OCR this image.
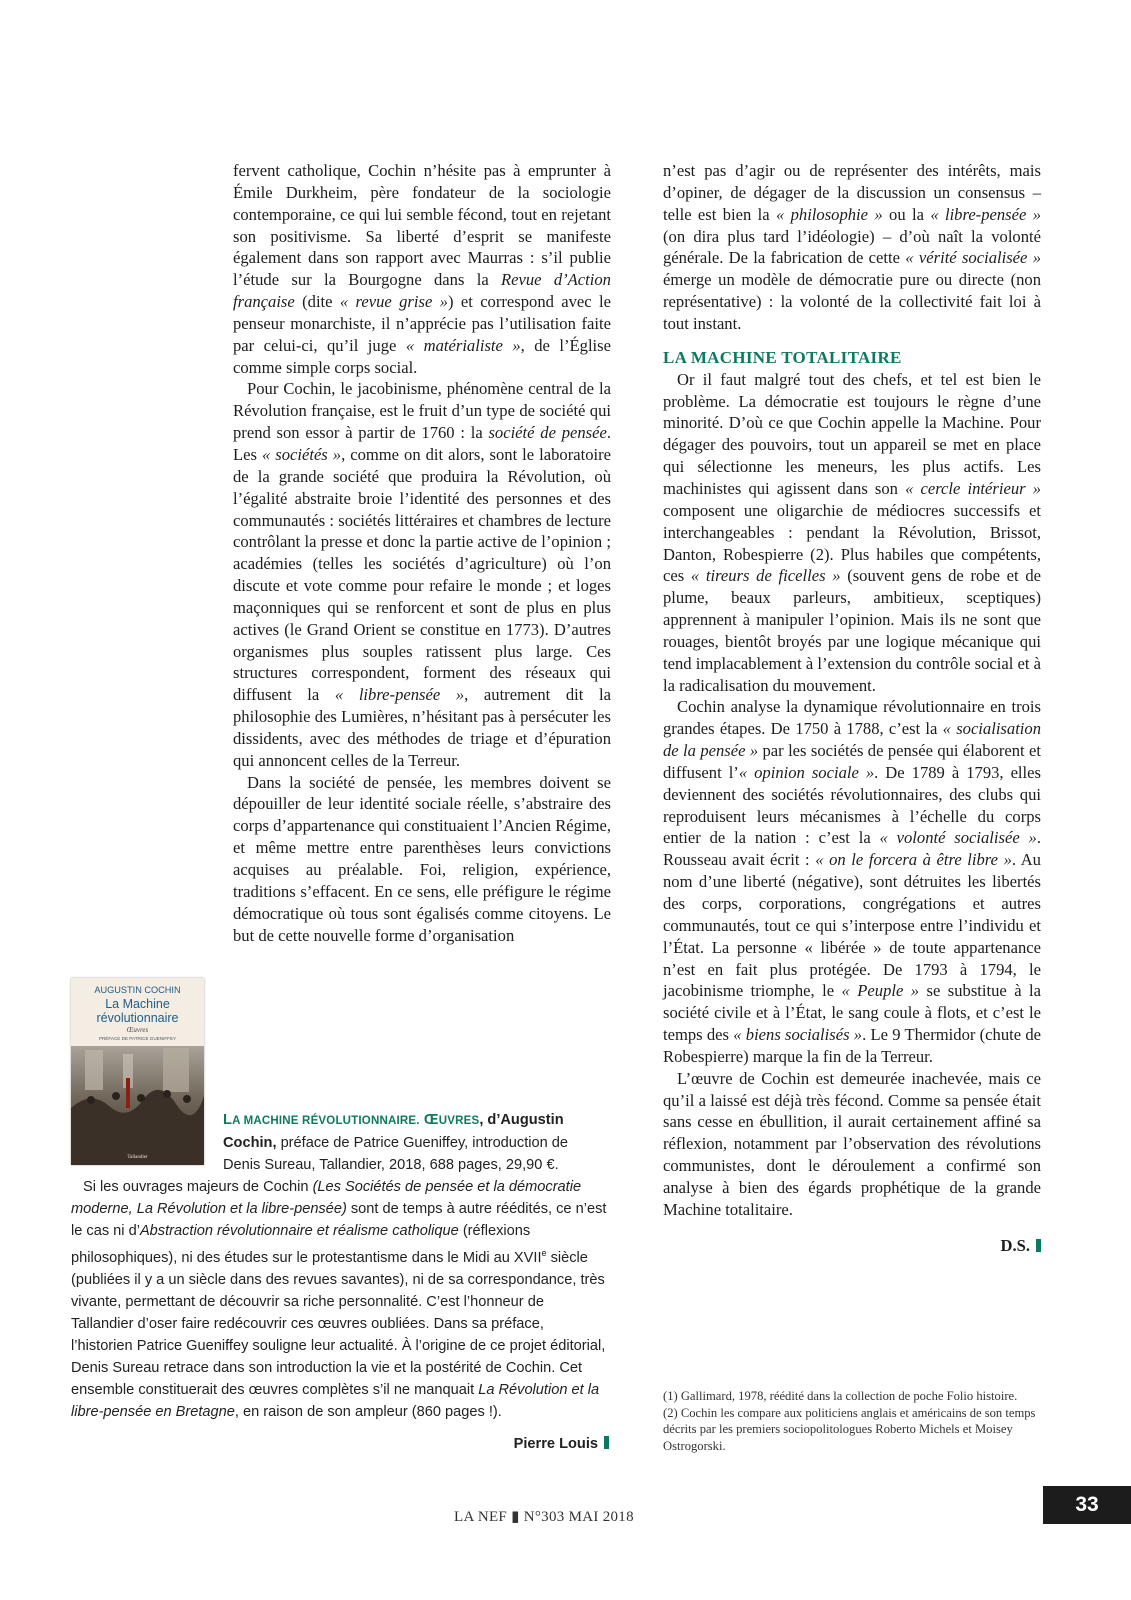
fervent catholique, Cochin n’hésite pas à emprunter à Émile Durkheim, père fondateur de la sociologie contemporaine, ce qui lui semble fécond, tout en rejetant son positivisme. Sa liberté d’esprit se manifeste également dans son rapport avec Maurras : s’il publie l’étude sur la Bourgogne dans la Revue d’Action française (dite « revue grise ») et correspond avec le penseur monarchiste, il n’apprécie pas l’utilisation faite par celui-ci, qu’il juge « matérialiste », de l’Église comme simple corps social.

Pour Cochin, le jacobinisme, phénomène central de la Révolution française, est le fruit d’un type de société qui prend son essor à partir de 1760 : la société de pensée. Les « sociétés », comme on dit alors, sont le laboratoire de la grande société que produira la Révolution, où l’égalité abstraite broie l’identité des personnes et des communautés : sociétés littéraires et chambres de lecture contrôlant la presse et donc la partie active de l’opinion ; académies (telles les sociétés d’agriculture) où l’on discute et vote comme pour refaire le monde ; et loges maçonniques qui se renforcent et sont de plus en plus actives (le Grand Orient se constitue en 1773). D’autres organismes plus souples ratissent plus large. Ces structures correspondent, forment des réseaux qui diffusent la « libre-pensée », autrement dit la philosophie des Lumières, n’hésitant pas à persécuter les dissidents, avec des méthodes de triage et d’épuration qui annoncent celles de la Terreur.

Dans la société de pensée, les membres doivent se dépouiller de leur identité sociale réelle, s’abstraire des corps d’appartenance qui constituaient l’Ancien Régime, et même mettre entre parenthèses leurs convictions acquises au préalable. Foi, religion, expérience, traditions s’effacent. En ce sens, elle préfigure le régime démocratique où tous sont égalisés comme citoyens. Le but de cette nouvelle forme d’organisation

n’est pas d’agir ou de représenter des intérêts, mais d’opiner, de dégager de la discussion un consensus – telle est bien la « philosophie » ou la « libre-pensée » (on dira plus tard l’idéologie) – d’où naît la volonté générale. De la fabrication de cette « vérité socialisée » émerge un modèle de démocratie pure ou directe (non représentative) : la volonté de la collectivité fait loi à tout instant.

LA MACHINE TOTALITAIRE

Or il faut malgré tout des chefs, et tel est bien le problème. La démocratie est toujours le règne d’une minorité. D’où ce que Cochin appelle la Machine. Pour dégager des pouvoirs, tout un appareil se met en place qui sélectionne les meneurs, les plus actifs. Les machinistes qui agissent dans son « cercle intérieur » composent une oligarchie de médiocres successifs et interchangeables : pendant la Révolution, Brissot, Danton, Robespierre (2). Plus habiles que compétents, ces « tireurs de ficelles » (souvent gens de robe et de plume, beaux parleurs, ambitieux, sceptiques) apprennent à manipuler l’opinion. Mais ils ne sont que rouages, bientôt broyés par une logique mécanique qui tend implacablement à l’extension du contrôle social et à la radicalisation du mouvement.

Cochin analyse la dynamique révolutionnaire en trois grandes étapes. De 1750 à 1788, c’est la « socialisation de la pensée » par les sociétés de pensée qui élaborent et diffusent l’« opinion sociale ». De 1789 à 1793, elles deviennent des sociétés révolutionnaires, des clubs qui reproduisent leurs mécanismes à l’échelle du corps entier de la nation : c’est la « volonté socialisée ». Rousseau avait écrit : « on le forcera à être libre ». Au nom d’une liberté (négative), sont détruites les libertés des corps, corporations, congrégations et autres communautés, tout ce qui s’interpose entre l’individu et l’État. La personne « libérée » de toute appartenance n’est en fait plus protégée. De 1793 à 1794, le jacobinisme triomphe, le « Peuple » se substitue à la société civile et à l’État, le sang coule à flots, et c’est le temps des « biens socialisés ». Le 9 Thermidor (chute de Robespierre) marque la fin de la Terreur.

L’œuvre de Cochin est demeurée inachevée, mais ce qu’il a laissé est déjà très fécond. Comme sa pensée était sans cesse en ébullition, il aurait certainement affiné sa réflexion, notamment par l’observation des révolutions communistes, dont le déroulement a confirmé son analyse à bien des égards prophétique de la grande Machine totalitaire.

D.S.
(1) Gallimard, 1978, réédité dans la collection de poche Folio histoire.
(2) Cochin les compare aux politiciens anglais et américains de son temps décrits par les premiers sociopolitologues Roberto Michels et Moisey Ostrogorski.
AUGUSTIN COCHIN
La Machine
révolutionnaire
Œuvres
PRÉFACE DE PATRICE GUENIFFEY
Tallandier
LA MACHINE RÉVOLUTIONNAIRE. ŒUVRES, d’Augustin Cochin, préface de Patrice Gueniffey, introduction de Denis Sureau, Tallandier, 2018, 688 pages, 29,90 €.
Si les ouvrages majeurs de Cochin (Les Sociétés de pensée et la démocratie moderne, La Révolution et la libre-pensée) sont de temps à autre réédités, ce n’est le cas ni d’Abstraction révolutionnaire et réalisme catholique (réflexions philosophiques), ni des études sur le protestantisme dans le Midi au XVIIe siècle (publiées il y a un siècle dans des revues savantes), ni de sa correspondance, très vivante, permettant de découvrir sa riche personnalité. C’est l’honneur de Tallandier d’oser faire redécouvrir ces œuvres oubliées. Dans sa préface, l’historien Patrice Gueniffey souligne leur actualité. À l’origine de ce projet éditorial, Denis Sureau retrace dans son introduction la vie et la postérité de Cochin. Cet ensemble constituerait des œuvres complètes s’il ne manquait La Révolution et la libre-pensée en Bretagne, en raison de son ampleur (860 pages !).
Pierre Louis
LA NEF ▮ N°303 MAI 2018
33
